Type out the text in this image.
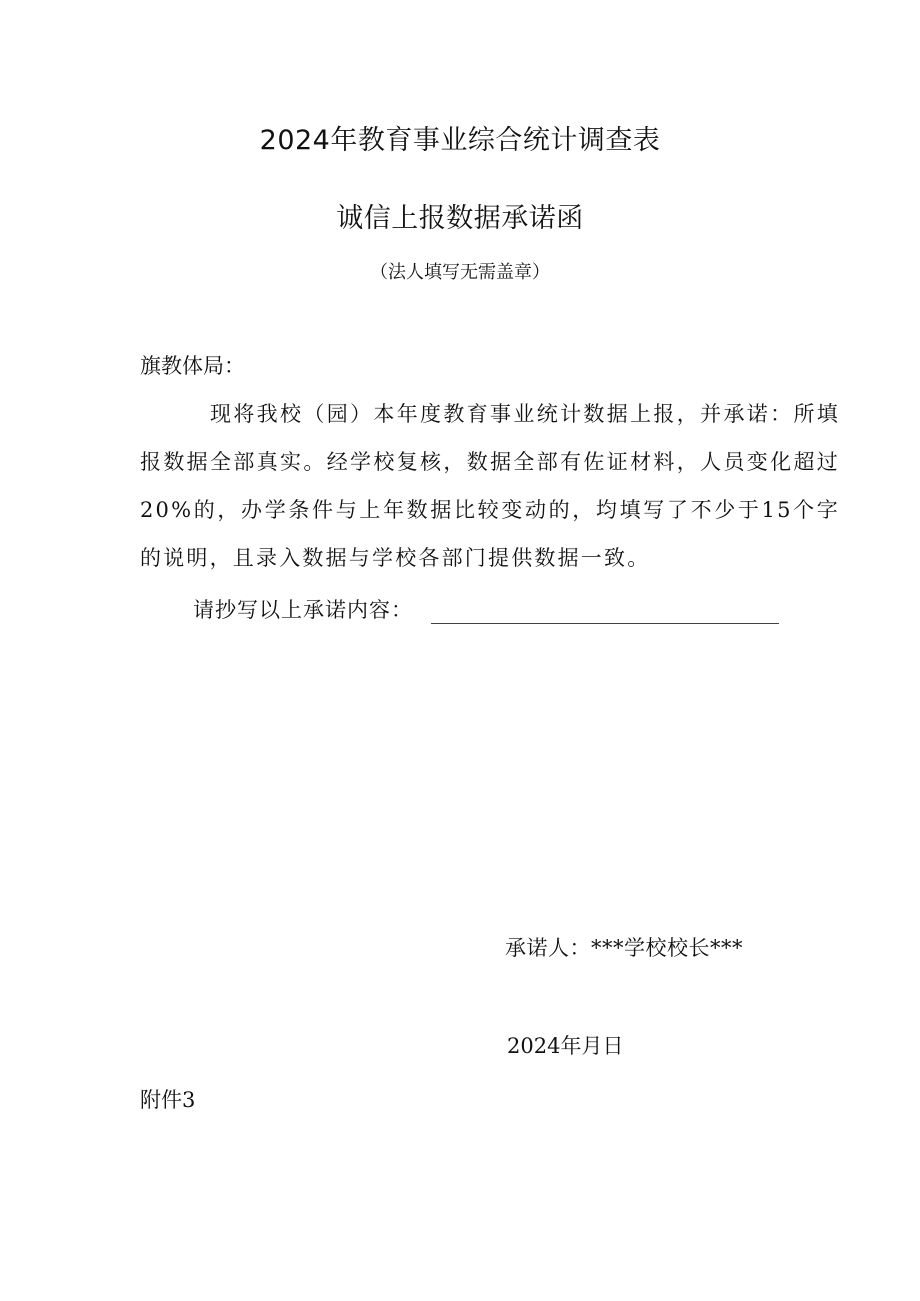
2024年教育事业综合统计调查表
诚信上报数据承诺函
（法人填写无需盖章）
旗教体局：
现将我校（园）本年度教育事业统计数据上报，并承诺：所填报数据全部真实。经学校复核，数据全部有佐证材料，人员变化超过20%的，办学条件与上年数据比较变动的，均填写了不少于15个字的说明，且录入数据与学校各部门提供数据一致。
请抄写以上承诺内容：
承诺人：***学校校长***
2024年月日
附件3
